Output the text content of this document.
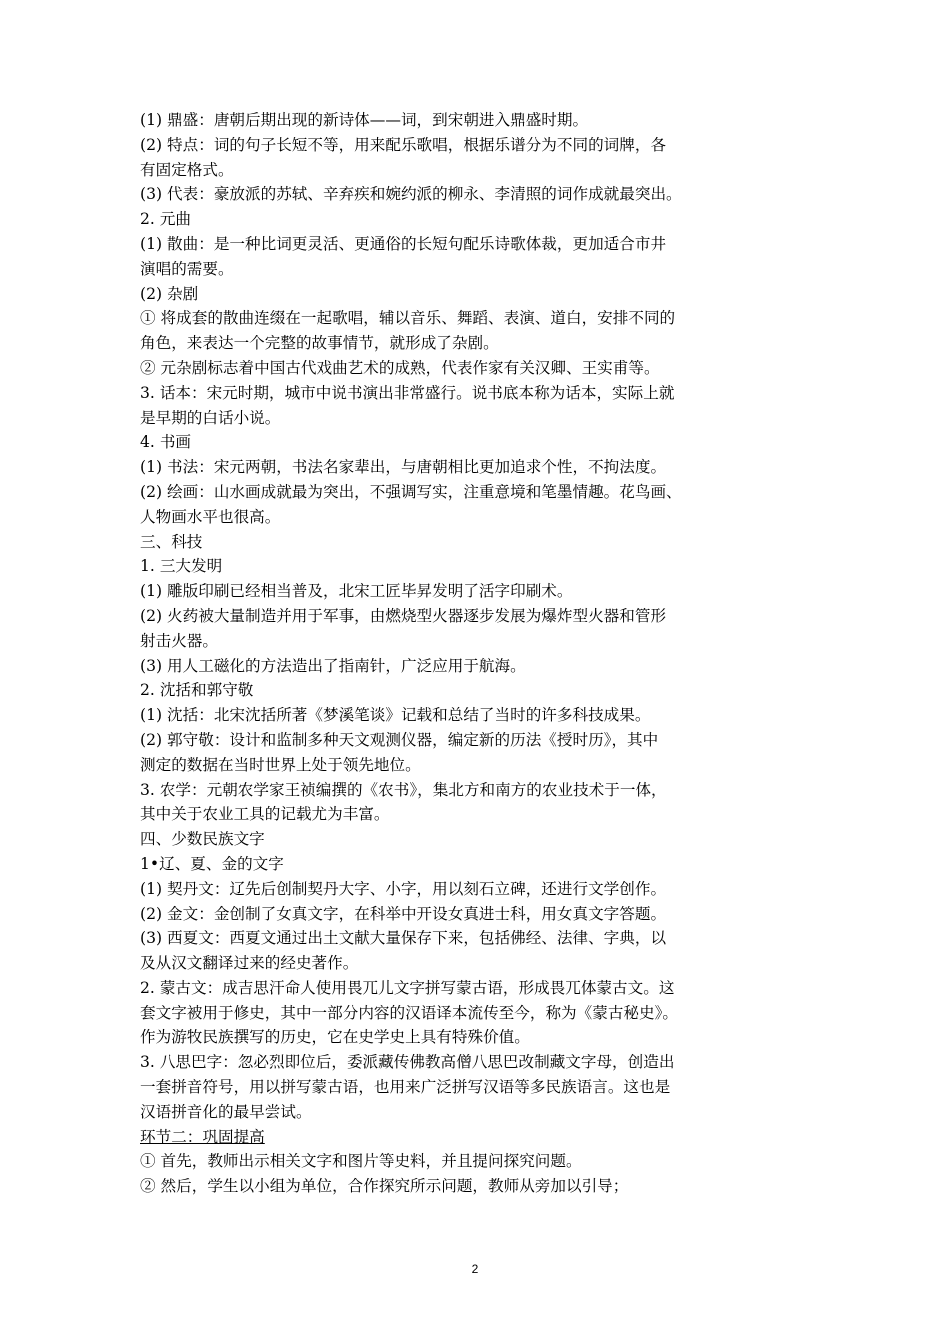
(1) 鼎盛：唐朝后期出现的新诗体——词，到宋朝进入鼎盛时期。
(2) 特点：词的句子长短不等，用来配乐歌唱，根据乐谱分为不同的词牌，各
有固定格式。
(3) 代表：豪放派的苏轼、辛弃疾和婉约派的柳永、李清照的词作成就最突出。
2. 元曲
(1) 散曲：是一种比词更灵活、更通俗的长短句配乐诗歌体裁，更加适合市井
演唱的需要。
(2) 杂剧
① 将成套的散曲连缀在一起歌唱，辅以音乐、舞蹈、表演、道白，安排不同的
角色，来表达一个完整的故事情节，就形成了杂剧。
② 元杂剧标志着中国古代戏曲艺术的成熟，代表作家有关汉卿、王实甫等。
3. 话本：宋元时期，城市中说书演出非常盛行。说书底本称为话本，实际上就
是早期的白话小说。
4. 书画
(1) 书法：宋元两朝，书法名家辈出，与唐朝相比更加追求个性，不拘法度。
(2) 绘画：山水画成就最为突出，不强调写实，注重意境和笔墨情趣。花鸟画、
人物画水平也很高。
三、科技
1. 三大发明
(1) 雕版印刷已经相当普及，北宋工匠毕昇发明了活字印刷术。
(2) 火药被大量制造并用于军事，由燃烧型火器逐步发展为爆炸型火器和管形
射击火器。
(3) 用人工磁化的方法造出了指南针，广泛应用于航海。
2. 沈括和郭守敬
(1) 沈括：北宋沈括所著《梦溪笔谈》记载和总结了当时的许多科技成果。
(2) 郭守敬：设计和监制多种天文观测仪器，编定新的历法《授时历》，其中
测定的数据在当时世界上处于领先地位。
3. 农学：元朝农学家王祯编撰的《农书》，集北方和南方的农业技术于一体，
其中关于农业工具的记载尤为丰富。
四、少数民族文字
1•辽、夏、金的文字
(1) 契丹文：辽先后创制契丹大字、小字，用以刻石立碑，还进行文学创作。
(2) 金文：金创制了女真文字，在科举中开设女真进士科，用女真文字答题。
(3) 西夏文：西夏文通过出土文献大量保存下来，包括佛经、法律、字典，以
及从汉文翻译过来的经史著作。
2. 蒙古文：成吉思汗命人使用畏兀儿文字拼写蒙古语，形成畏兀体蒙古文。这
套文字被用于修史，其中一部分内容的汉语译本流传至今，称为《蒙古秘史》。
作为游牧民族撰写的历史，它在史学史上具有特殊价值。
3. 八思巴字：忽必烈即位后，委派藏传佛教高僧八思巴改制藏文字母，创造出
一套拼音符号，用以拼写蒙古语，也用来广泛拼写汉语等多民族语言。这也是
汉语拼音化的最早尝试。
环节二：巩固提高
① 首先，教师出示相关文字和图片等史料，并且提问探究问题。
② 然后，学生以小组为单位，合作探究所示问题，教师从旁加以引导；
2
